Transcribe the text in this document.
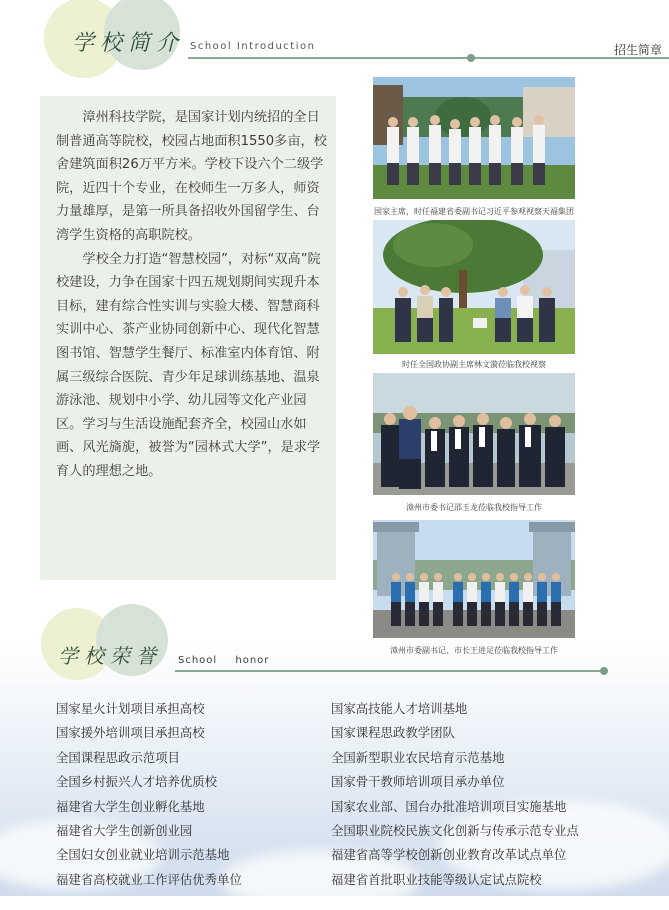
学校简介 School Introduction	招生简章

漳州科技学院，是国家计划内统招的全日制普通高等院校，校园占地面积1550多亩，校舍建筑面积26万平方米。学校下设六个二级学院，近四十个专业，在校师生一万多人，师资力量雄厚，是第一所具备招收外国留学生、台湾学生资格的高职院校。

学校全力打造“智慧校园”，对标“双高”院校建设，力争在国家十四五规划期间实现升本目标，建有综合性实训与实验大楼、智慧商科实训中心、茶产业协同创新中心、现代化智慧图书馆、智慧学生餐厅、标准室内体育馆、附属三级综合医院、青少年足球训练基地、温泉游泳池、规划中小学、幼儿园等文化产业园区。学习与生活设施配套齐全，校园山水如画、风光旖旎，被誉为“园林式大学”，是求学育人的理想之地。

国家主席，时任福建省委副书记习近平参观视察天福集团
时任全国政协副主席林文漪莅临我校视察
漳州市委书记邵玉龙莅临我校指导工作
漳州市委副书记、市长王进足莅临我校指导工作
学校荣誉 School honor
国家星火计划项目承担高校
国家援外培训项目承担高校
全国课程思政示范项目
全国乡村振兴人才培养优质校
福建省大学生创业孵化基地
福建省大学生创新创业园
全国妇女创业就业培训示范基地
福建省高校就业工作评估优秀单位
国家高技能人才培训基地
国家课程思政教学团队
全国新型职业农民培育示范基地
国家骨干教师培训项目承办单位
国家农业部、国台办批准培训项目实施基地
全国职业院校民族文化创新与传承示范专业点
福建省高等学校创新创业教育改革试点单位
福建省首批职业技能等级认定试点院校
